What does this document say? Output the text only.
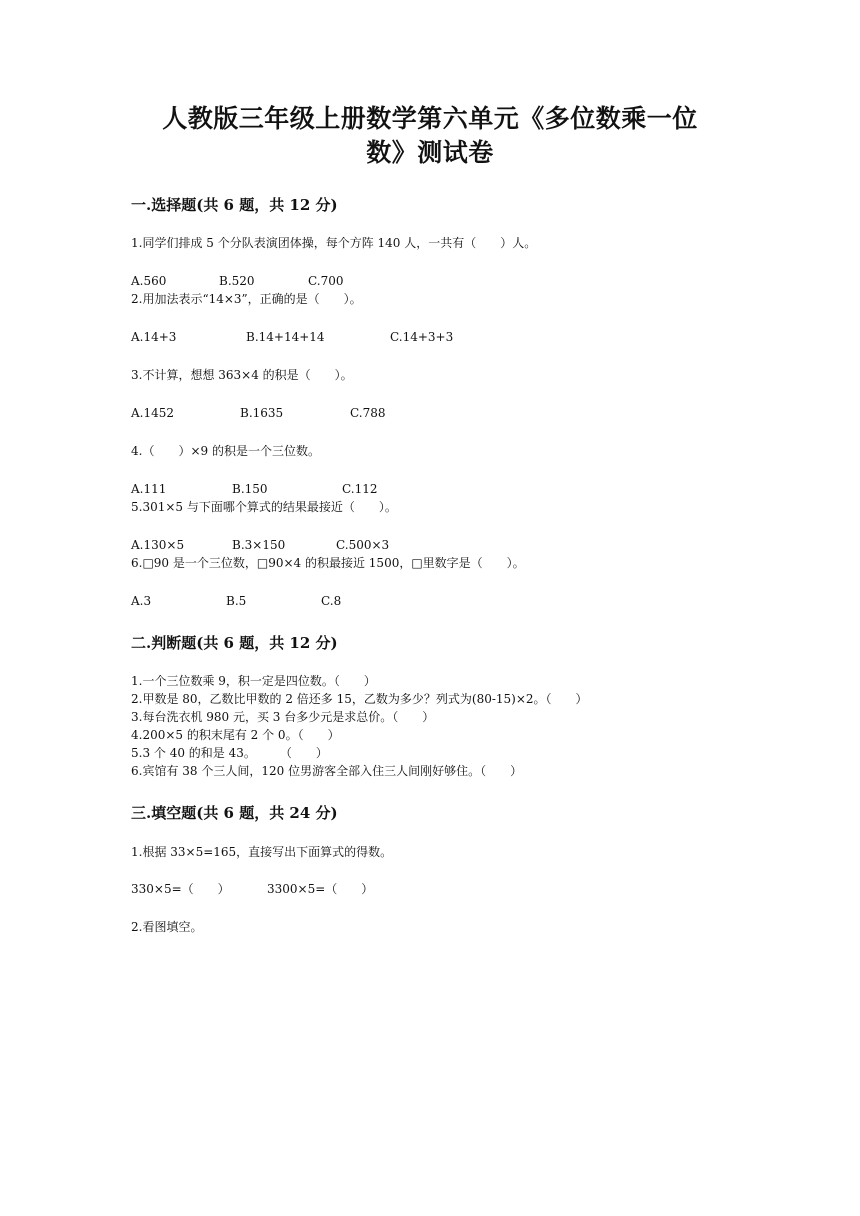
人教版三年级上册数学第六单元《多位数乘一位
数》测试卷
一.选择题(共 6 题，共 12 分)
1.同学们排成 5 个分队表演团体操，每个方阵 140 人，一共有（　　）人。
A.560	B.520	C.700
2.用加法表示“14×3”，正确的是（　　）。
A.14+3	B.14+14+14	C.14+3+3
3.不计算，想想 363×4 的积是（　　）。
A.1452	B.1635	C.788
4.（　　）×9 的积是一个三位数。
A.111	B.150	C.112
5.301×5 与下面哪个算式的结果最接近（　　）。
A.130×5	B.3×150	C.500×3
6.□90 是一个三位数，□90×4 的积最接近 1500，□里数字是（　　）。
A.3	B.5	C.8
二.判断题(共 6 题，共 12 分)
1.一个三位数乘 9，积一定是四位数。（　　）
2.甲数是 80，乙数比甲数的 2 倍还多 15，乙数为多少？列式为(80-15)×2。（　　）
3.每台洗衣机 980 元，买 3 台多少元是求总价。（　　）
4.200×5 的积末尾有 2 个 0。（　　）
5.3 个 40 的和是 43。　　　（　　）
6.宾馆有 38 个三人间，120 位男游客全部入住三人间刚好够住。（　　）
三.填空题(共 6 题，共 24 分)
1.根据 33×5=165，直接写出下面算式的得数。
330×5=（　　）	3300×5=（　　）
2.看图填空。
